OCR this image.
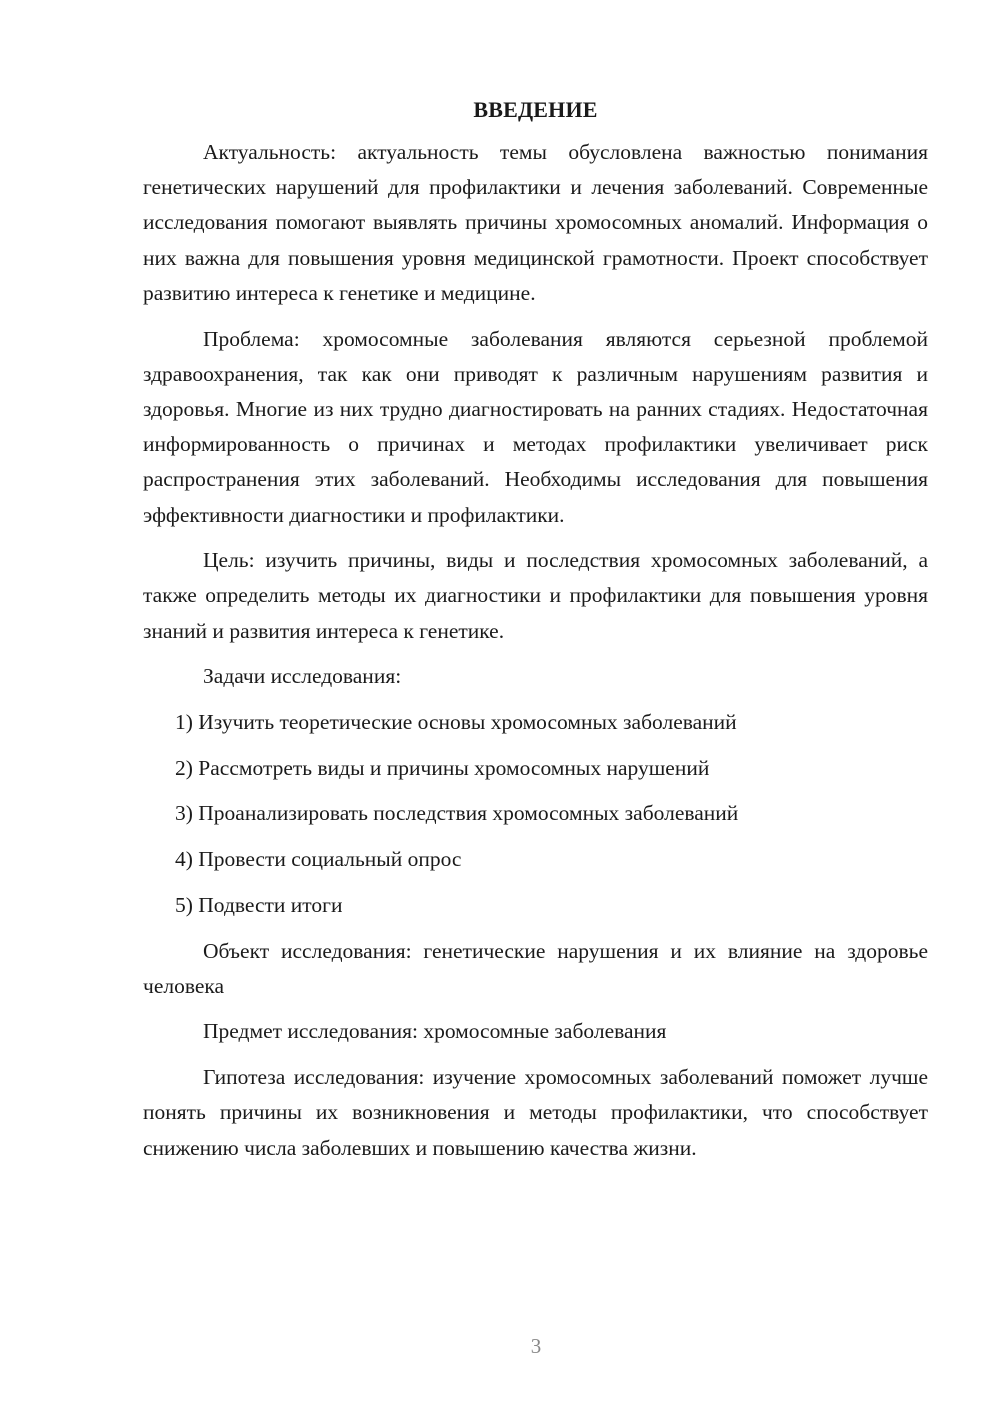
ВВЕДЕНИЕ

Актуальность: актуальность темы обусловлена важностью понимания генетических нарушений для профилактики и лечения заболеваний. Современные исследования помогают выявлять причины хромосомных аномалий. Информация о них важна для повышения уровня медицинской грамотности. Проект способствует развитию интереса к генетике и медицине.

Проблема: хромосомные заболевания являются серьезной проблемой здравоохранения, так как они приводят к различным нарушениям развития и здоровья. Многие из них трудно диагностировать на ранних стадиях. Недостаточная информированность о причинах и методах профилактики увеличивает риск распространения этих заболеваний. Необходимы исследования для повышения эффективности диагностики и профилактики.

Цель: изучить причины, виды и последствия хромосомных заболеваний, а также определить методы их диагностики и профилактики для повышения уровня знаний и развития интереса к генетике.

Задачи исследования:

1) Изучить теоретические основы хромосомных заболеваний

2) Рассмотреть виды и причины хромосомных нарушений

3) Проанализировать последствия хромосомных заболеваний

4) Провести социальный опрос

5) Подвести итоги

Объект исследования: генетические нарушения и их влияние на здоровье человека

Предмет исследования: хромосомные заболевания

Гипотеза исследования: изучение хромосомных заболеваний поможет лучше понять причины их возникновения и методы профилактики, что способствует снижению числа заболевших и повышению качества жизни.

3
